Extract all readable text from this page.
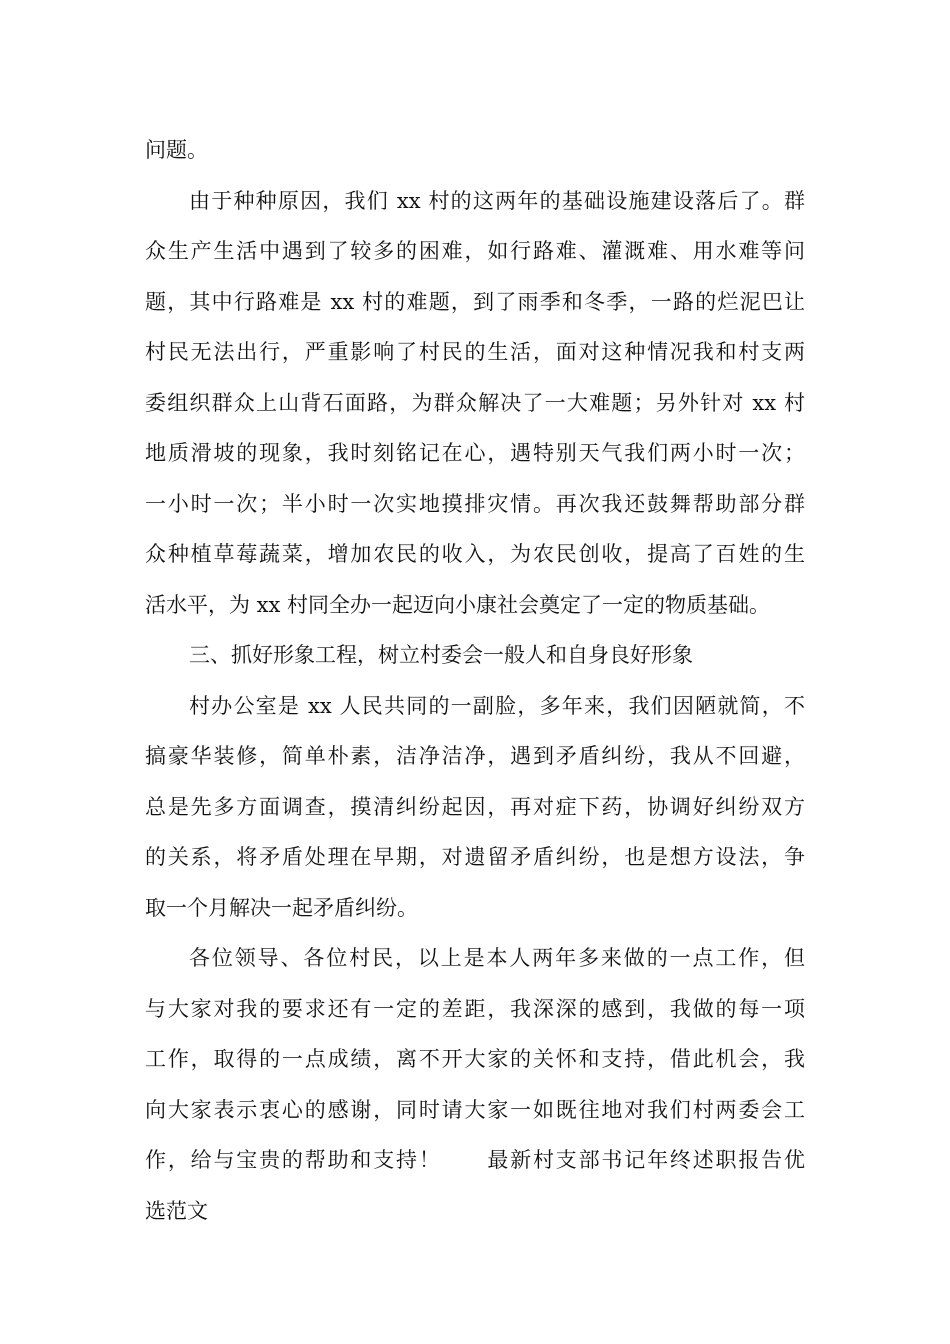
问题。
由于种种原因，我们 xx 村的这两年的基础设施建设落后了。群
众生产生活中遇到了较多的困难，如行路难、灌溉难、用水难等问
题，其中行路难是 xx 村的难题，到了雨季和冬季，一路的烂泥巴让
村民无法出行，严重影响了村民的生活，面对这种情况我和村支两
委组织群众上山背石面路，为群众解决了一大难题；另外针对 xx 村
地质滑坡的现象，我时刻铭记在心，遇特别天气我们两小时一次；
一小时一次；半小时一次实地摸排灾情。再次我还鼓舞帮助部分群
众种植草莓蔬菜，增加农民的收入，为农民创收，提高了百姓的生
活水平，为 xx 村同全办一起迈向小康社会奠定了一定的物质基础。
三、抓好形象工程，树立村委会一般人和自身良好形象
村办公室是 xx 人民共同的一副脸，多年来，我们因陋就简，不
搞豪华装修，简单朴素，洁净洁净，遇到矛盾纠纷，我从不回避，
总是先多方面调查，摸清纠纷起因，再对症下药，协调好纠纷双方
的关系，将矛盾处理在早期，对遗留矛盾纠纷，也是想方设法，争
取一个月解决一起矛盾纠纷。
各位领导、各位村民，以上是本人两年多来做的一点工作，但
与大家对我的要求还有一定的差距，我深深的感到，我做的每一项
工作，取得的一点成绩，离不开大家的关怀和支持，借此机会，我
向大家表示衷心的感谢，同时请大家一如既往地对我们村两委会工
作，给与宝贵的帮助和支持！　　最新村支部书记年终述职报告优
选范文
